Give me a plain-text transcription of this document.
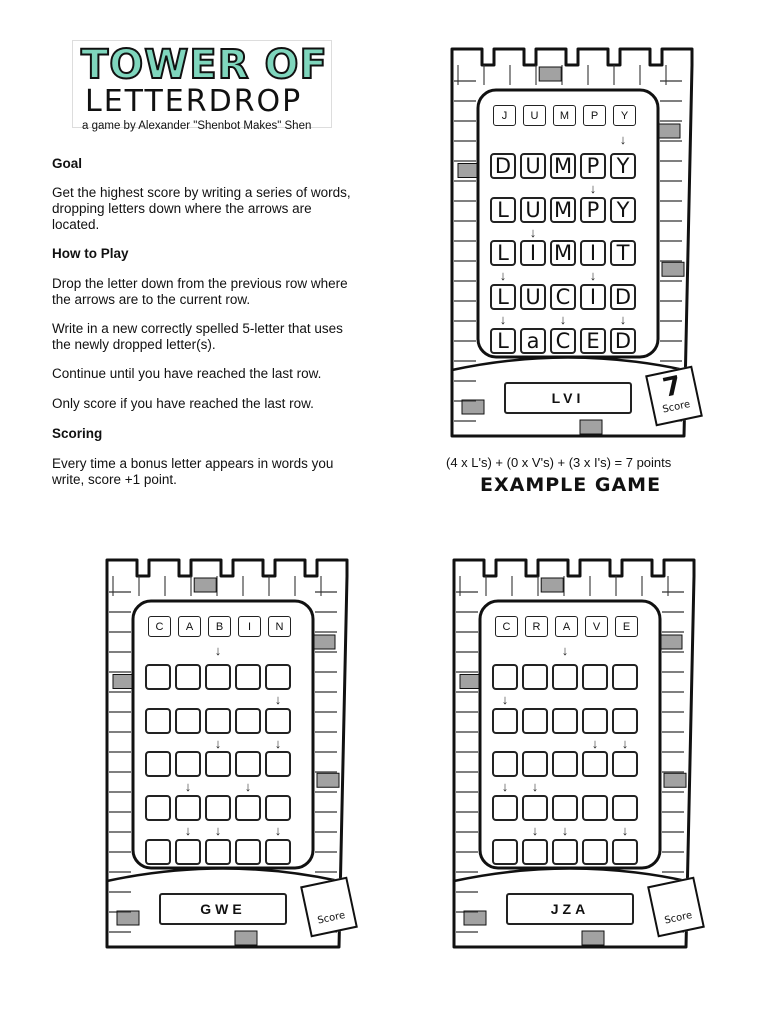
TOWER OF
LETTERDROP
a game by Alexander "Shenbot Makes" Shen
Goal
Get the highest score by writing a series of words, dropping letters down where the arrows are located.
How to Play
Drop the letter down from the previous row where the arrows are to the current row.
Write in a new correctly spelled 5-letter that uses the newly dropped letter(s).
Continue until you have reached the last row.
Only score if you have reached the last row.
Scoring
Every time a bonus letter appears in words you write, score +1 point.
J	U	M	P	Y
D U M P Y
L U M P Y
L	I M I T
L U C I D
L a C E D
↓
↓
↓
↓	↓
↓	↓	↓
LVI	7
Score
(4 x L's) + (0 x V's) + (3 x I's) = 7 points
EXAMPLE GAME
C	A	B	I	N
↓
↓
↓	↓
↓	↓
↓ ↓	↓
GWE
Score
C	R	A	V	E
↓
↓
↓ ↓
↓ ↓
↓ ↓	↓
JZA
Score
